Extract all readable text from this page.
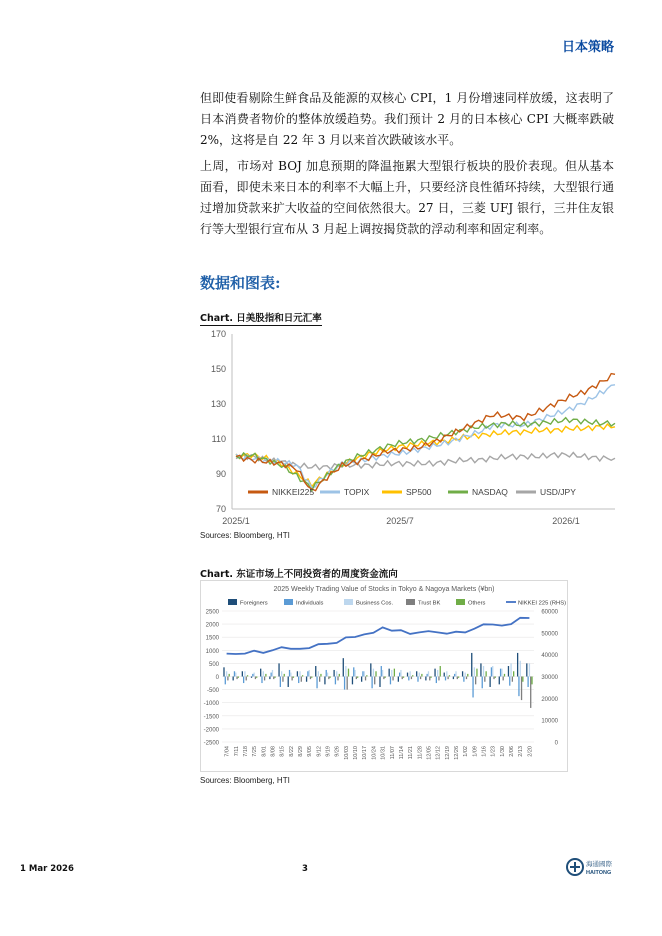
日本策略

但即使看剔除生鲜食品及能源的双核心 CPI，1 月份增速同样放缓，这表明了日本消费者物价的整体放缓趋势。我们预计 2 月的日本核心 CPI 大概率跌破 2%，这将是自 22 年 3 月以来首次跌破该水平。

上周，市场对 BOJ 加息预期的降温拖累大型银行板块的股价表现。但从基本面看，即使未来日本的利率不大幅上升，只要经济良性循环持续，大型银行通过增加贷款来扩大收益的空间依然很大。27 日，三菱 UFJ 银行，三井住友银行等大型银行宣布从 3 月起上调按揭贷款的浮动利率和固定利率。

数据和图表:
Chart. 日美股指和日元汇率
70
90
110
130
150
170
2025/1	2025/7	2026/1
NIKKEI225	TOPIX	SP500	NASDAQ	USD/JPY
Sources: Bloomberg, HTI
Chart. 东证市场上不同投资者的周度资金流向
2025 Weekly Trading Value of Stocks in Tokyo & Nagoya Markets (¥bn)
-2500
-2000
-1500
-1000
-500
0
500
1000
1500
2000
2500
0
10000
20000
30000
40000
50000
60000
7/04 7/11 7/18 7/25 8/01 8/08 8/15 8/22 8/29 9/05 9/12 9/19 9/26 10/03 10/10 10/17 10/24 10/31 11/07 11/14 11/21 11/28 12/05 12/12 12/19 12/26 1/02 1/09 1/16 1/23 1/30 2/06 2/13 2/20
Foreigners	Individuals	Business Cos.	Trust BK	Others	NIKKEI 225 (RHS)
Sources: Bloomberg, HTI
1 Mar 2026	3	海通國際
HAITONG
